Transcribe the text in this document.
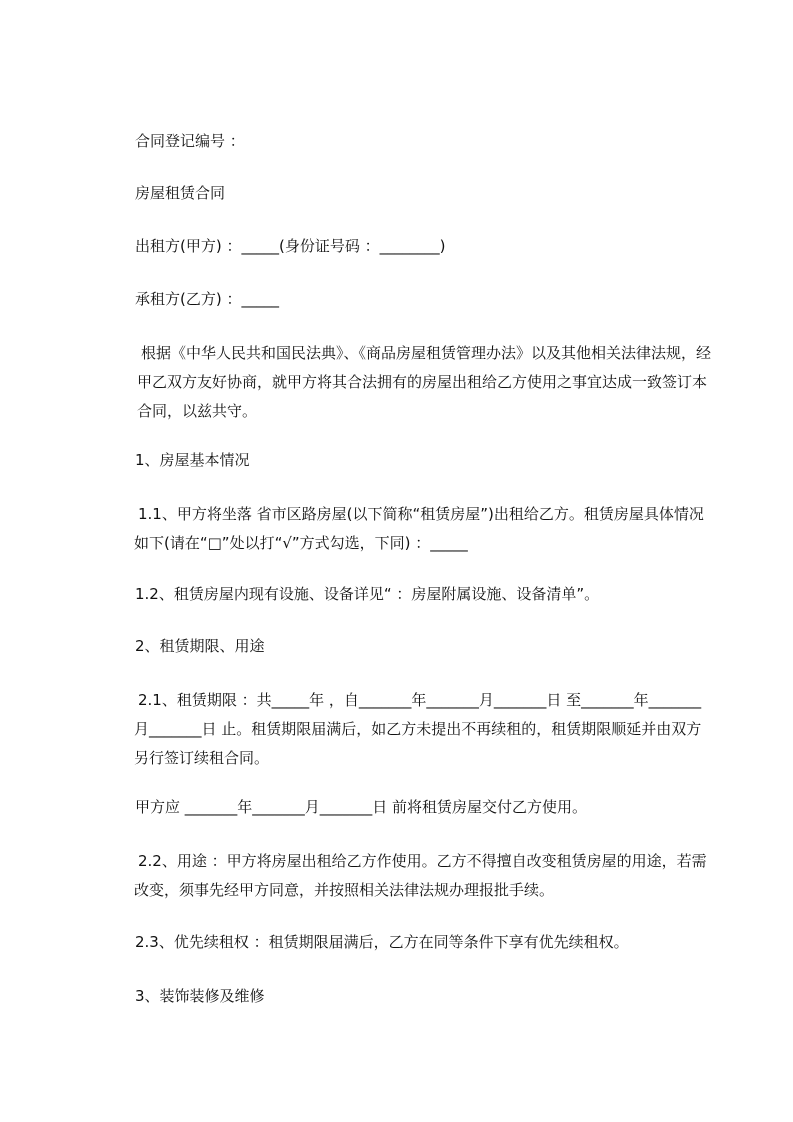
合同登记编号 ：

房屋租赁合同

出租方(甲方) ：_____(身份证号码 ：________)

承租方(乙方) ：_____

根据《中华人民共和国民法典》、《商品房屋租赁管理办法》以及其他相关法律法规，经甲乙双方友好协商，就甲方将其合法拥有的房屋出租给乙方使用之事宜达成一致签订本合同，以兹共守。

1、房屋基本情况

1.1、甲方将坐落 省市区路房屋(以下简称“租赁房屋”)出租给乙方。租赁房屋具体情况如下(请在“□”处以打“√”方式勾选，下同) ：_____

1.2、租赁房屋内现有设施、设备详见“ ：房屋附属设施、设备清单”。

2、租赁期限、用途

2.1、租赁期限 ：共_____年 ，自_______年_______月_______日 至_______年_______月_______日 止。租赁期限届满后，如乙方未提出不再续租的，租赁期限顺延并由双方另行签订续租合同。

甲方应 _______年_______月_______日 前将租赁房屋交付乙方使用。

2.2、用途 ：甲方将房屋出租给乙方作使用。乙方不得擅自改变租赁房屋的用途，若需改变，须事先经甲方同意，并按照相关法律法规办理报批手续。

2.3、优先续租权 ：租赁期限届满后，乙方在同等条件下享有优先续租权。

3、装饰装修及维修
